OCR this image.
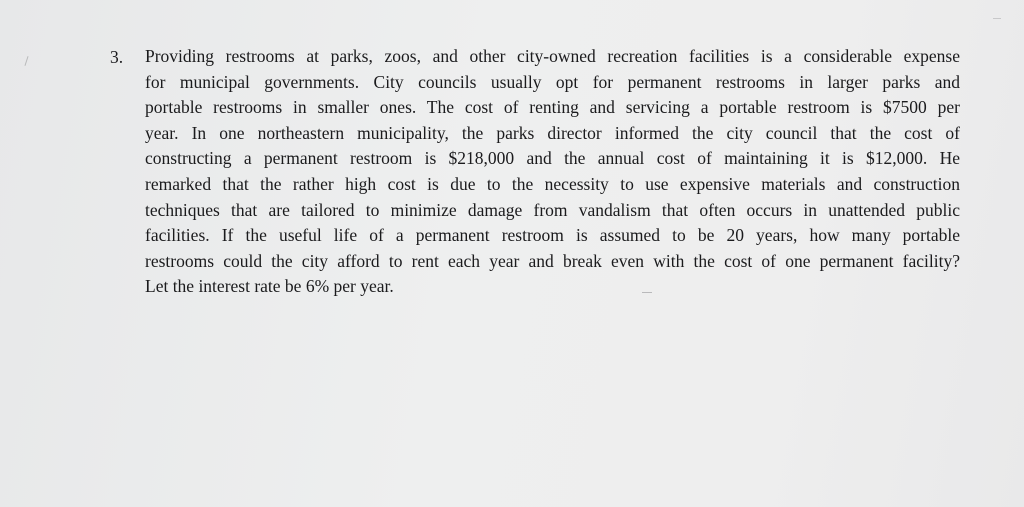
3. Providing restrooms at parks, zoos, and other city-owned recreation facilities is a considerable expense
for municipal governments. City councils usually opt for permanent restrooms in larger parks and
portable restrooms in smaller ones. The cost of renting and servicing a portable restroom is $7500 per
year. In one northeastern municipality, the parks director informed the city council that the cost of
constructing a permanent restroom is $218,000 and the annual cost of maintaining it is $12,000. He
remarked that the rather high cost is due to the necessity to use expensive materials and construction
techniques that are tailored to minimize damage from vandalism that often occurs in unattended public
facilities. If the useful life of a permanent restroom is assumed to be 20 years, how many portable
restrooms could the city afford to rent each year and break even with the cost of one permanent facility?
Let the interest rate be 6% per year.
